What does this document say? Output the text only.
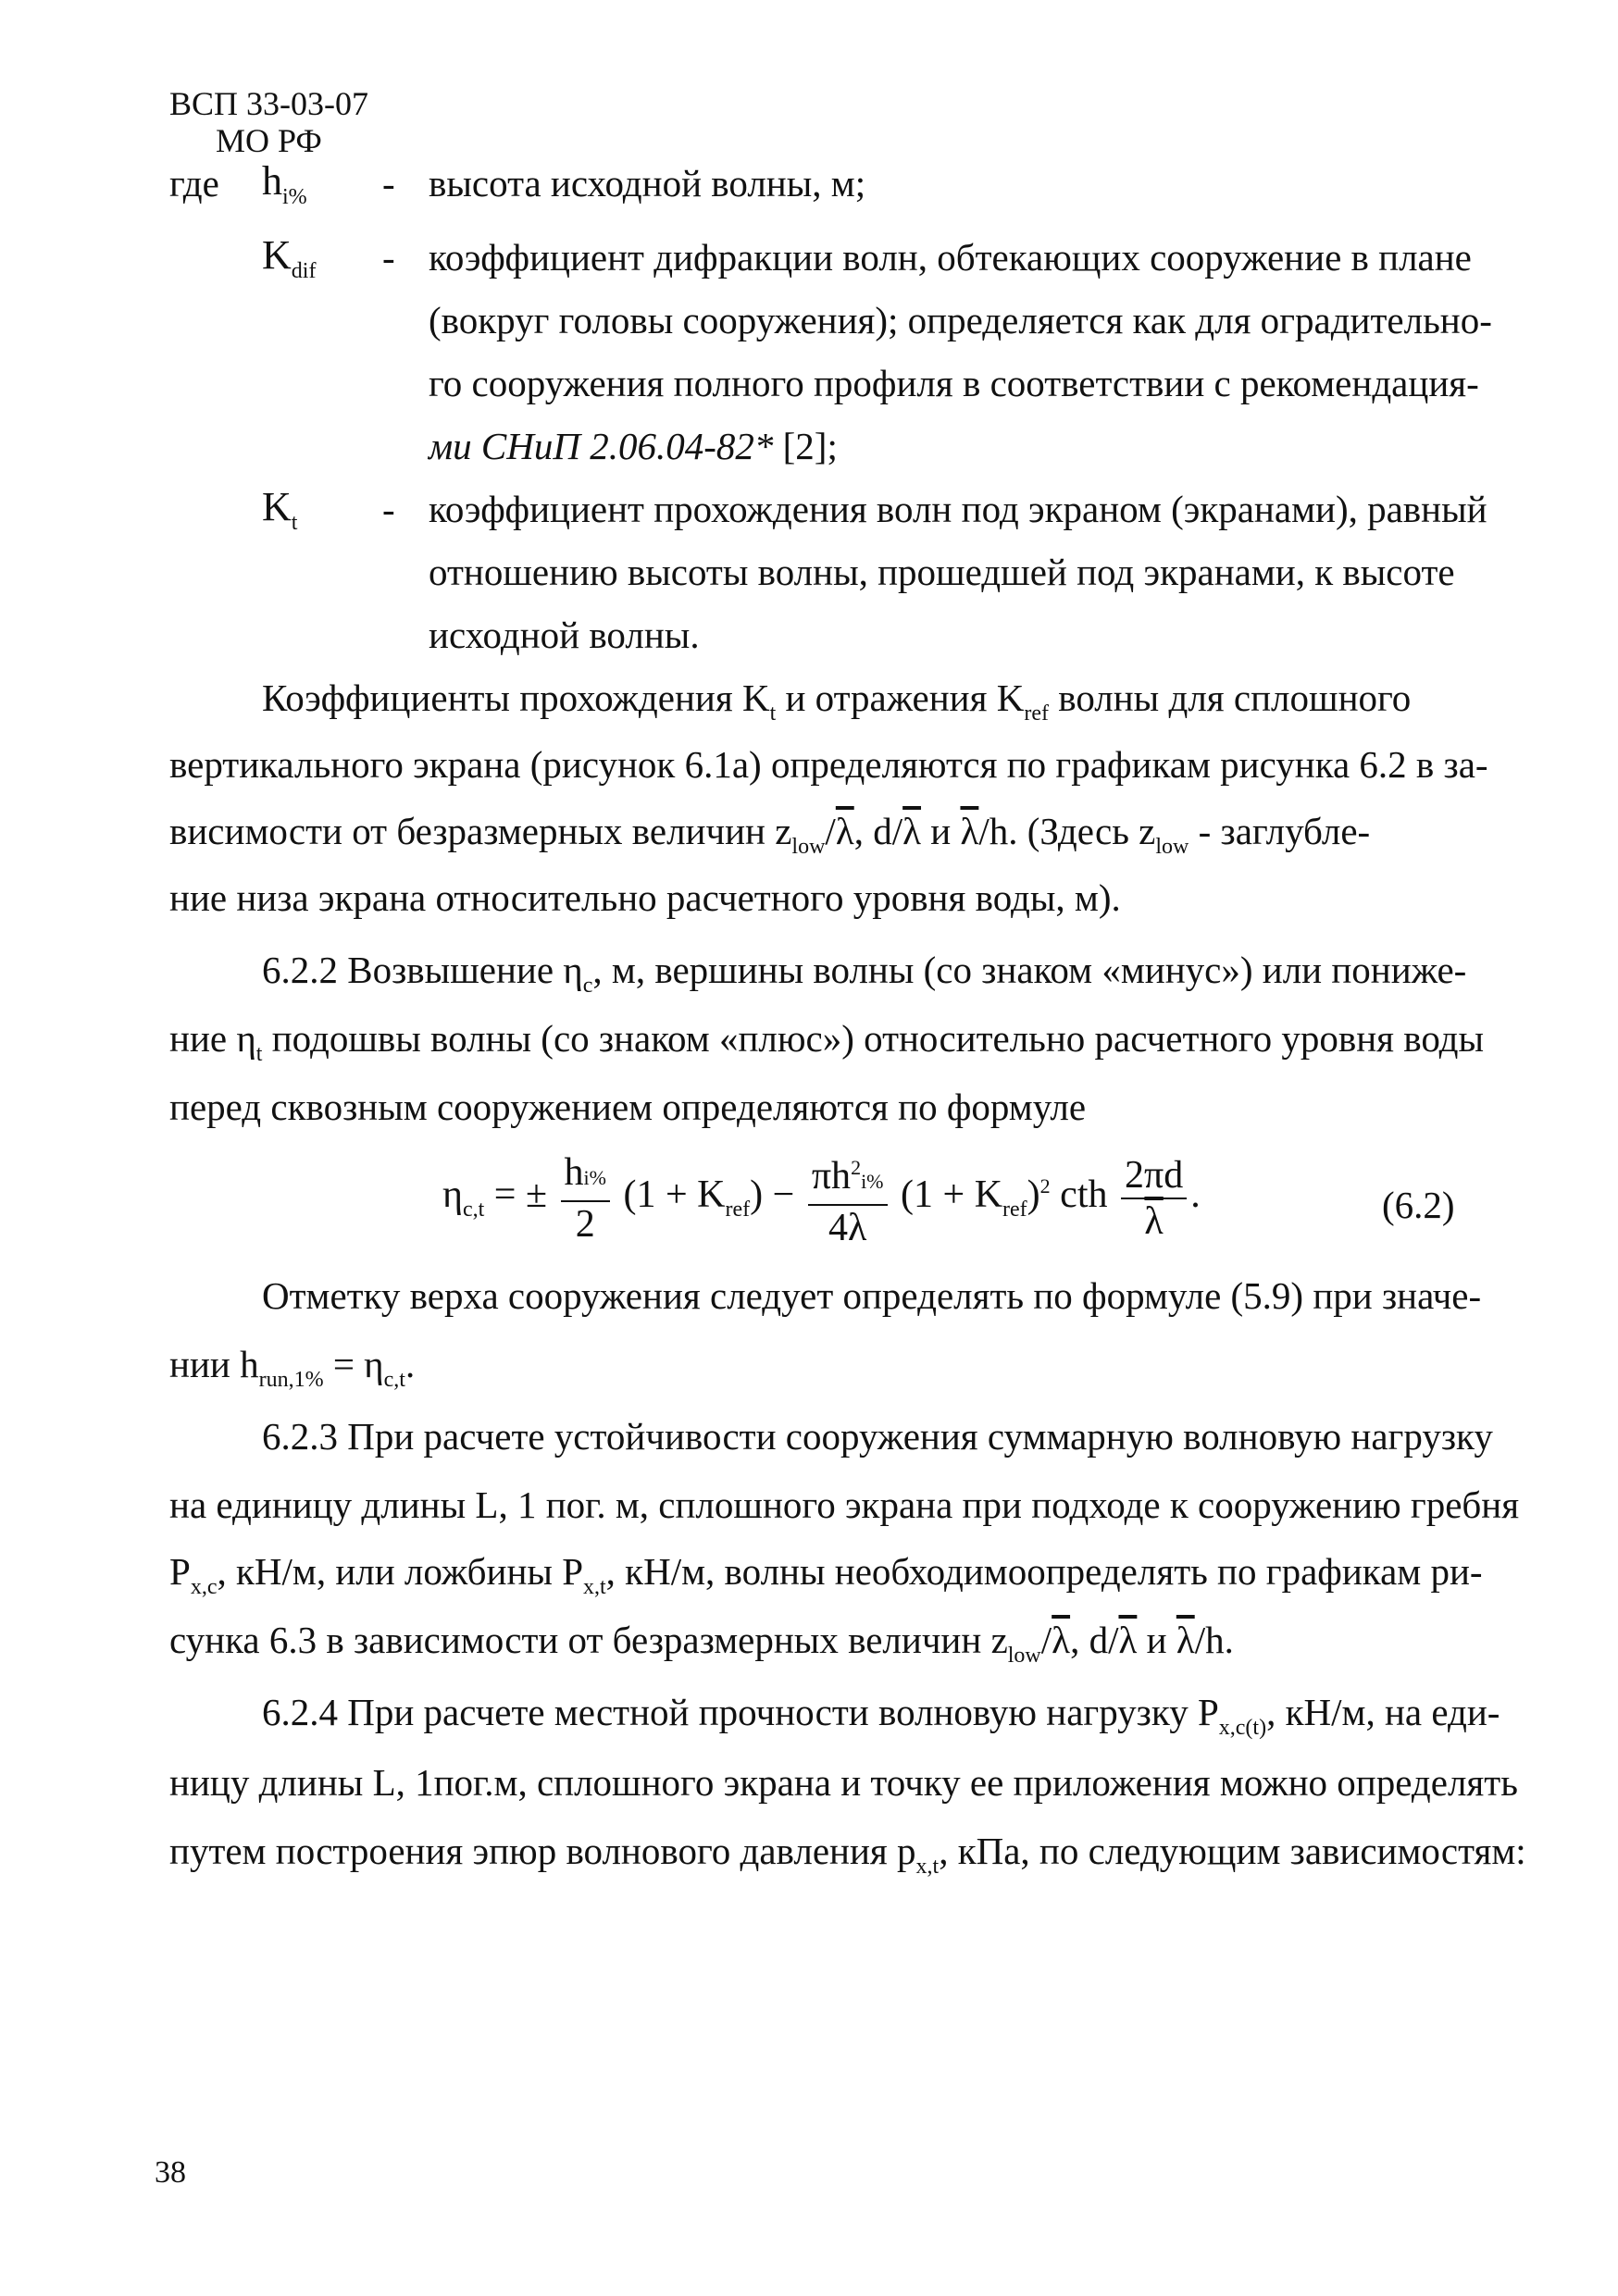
ВСП 33-03-07
МО РФ
где $h_{i\%}$ - высота исходной волны, м;
$K_{dif}$ - коэффициент дифракции волн, обтекающих сооружение в плане
(вокруг головы сооружения); определяется как для оградительно-
го сооружения полного профиля в соответствии с рекомендация-
ми СНиП 2.06.04-82* [2];
$K_t$ - коэффициент прохождения волн под экраном (экранами), равный
отношению высоты волны, прошедшей под экранами, к высоте
исходной волны.
Коэффициенты прохождения $K_t$ и отражения $K_{ref}$ волны для сплошного
вертикального экрана (рисунок 6.1а) определяются по графикам рисунка 6.2 в за-
висимости от безразмерных величин $z_{low}/\overline{\lambda}$, $d/\overline{\lambda}$ и $\overline{\lambda}/h$. (Здесь $z_{low}$ - заглубле-
ние низа экрана относительно расчетного уровня воды, м).
6.2.2 Возвышение $\eta_c$, м, вершины волны (со знаком «минус») или пониже-
ние $\eta_t$ подошвы волны (со знаком «плюс») относительно расчетного уровня воды
перед сквозным сооружением определяются по формуле
$\eta_{c,t}$ = ± $\frac{hi\%}{2} (1 + K_{ref}) - \frac{\pi h^2i\%}{4\lambda} (1 + K_{ref})^2$ cth $\frac{2\pi d}{\lambda}$ .	(6.2)
Отметку верха сооружения следует определять по формуле (5.9) при значе-
нии $h_{run,1\%} = \eta_{c,t}$.
6.2.3 При расчете устойчивости сооружения суммарную волновую нагрузку
на единицу длины L, 1 пог. м, сплошного экрана при подходе к сооружению гребня
$P_{x,c}$, кН/м, или ложбины $P_{x,t}$, кН/м, волны необходимоопределять по графикам ри-
сунка 6.3 в зависимости от безразмерных величин $z_{low}/\overline{\lambda}$, $d/\overline{\lambda}$ и $\overline{\lambda}/h$.
6.2.4 При расчете местной прочности волновую нагрузку $P_{x,c(t)}$, кН/м, на еди-
ницу длины L, 1пог.м, сплошного экрана и точку ее приложения можно определять
путем построения эпюр волнового давления $p_{x,t}$, кПа, по следующим зависимостям:
38
